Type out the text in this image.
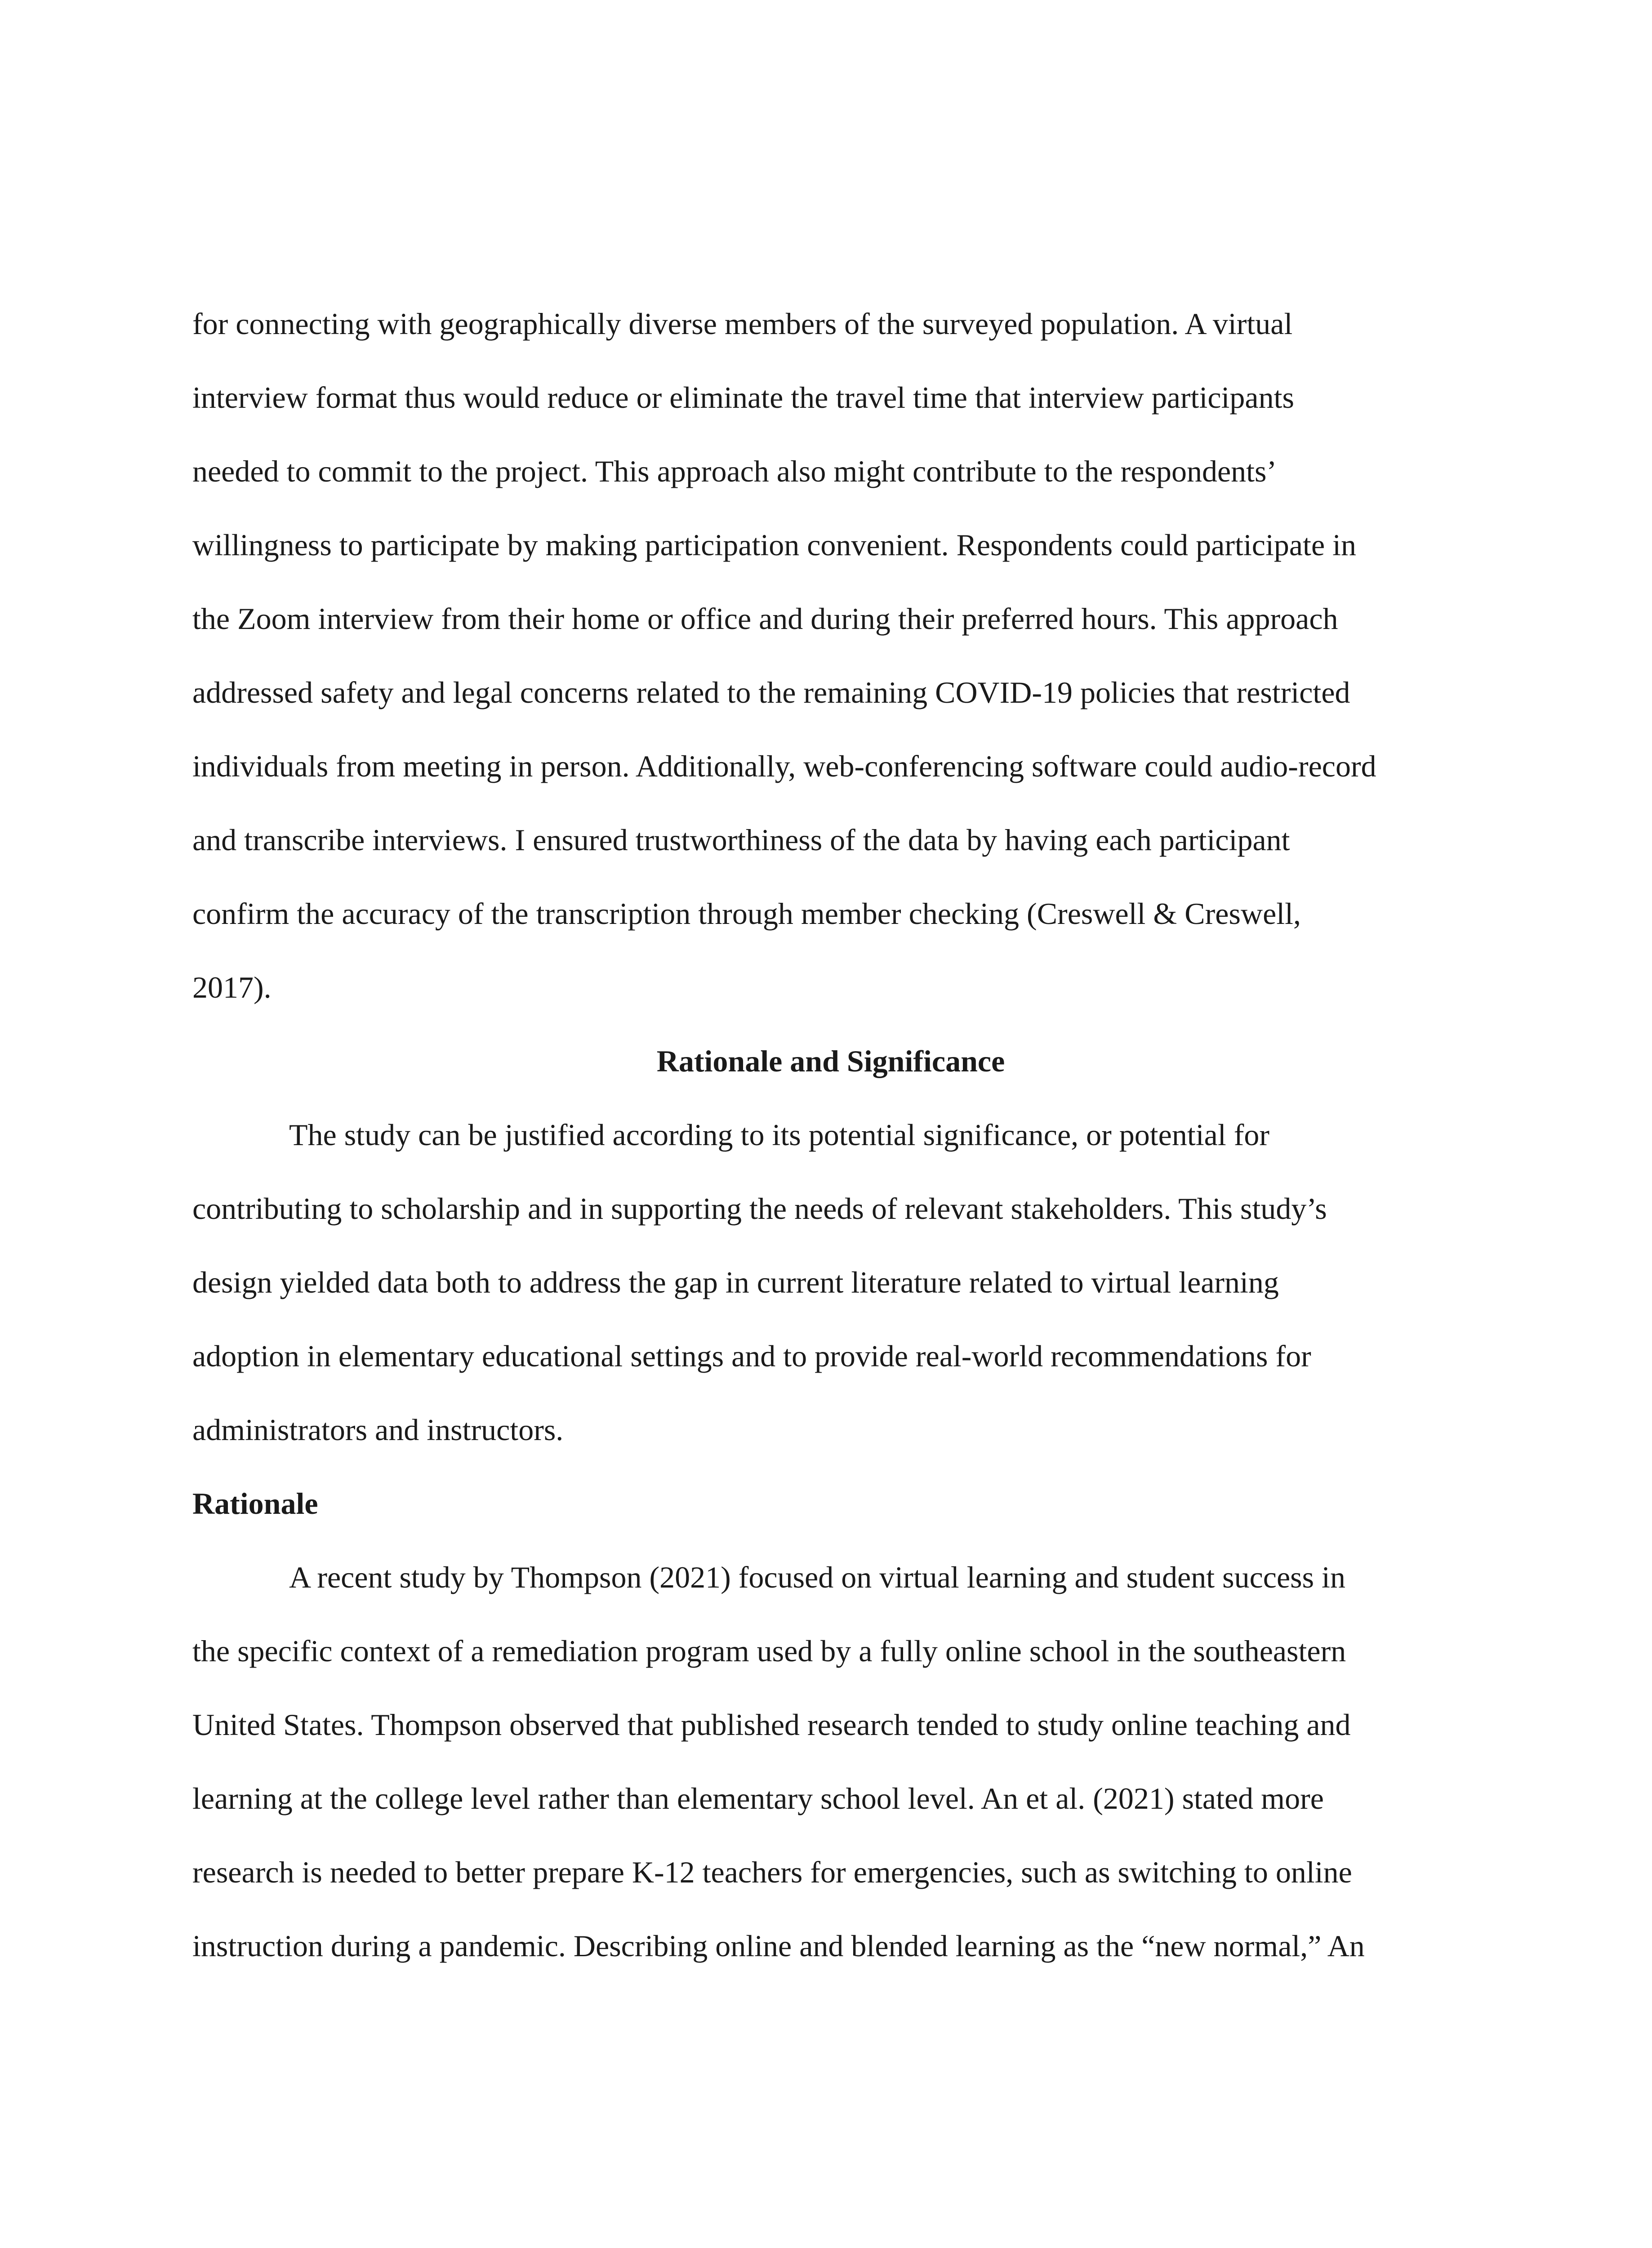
for connecting with geographically diverse members of the surveyed population. A virtual
interview format thus would reduce or eliminate the travel time that interview participants
needed to commit to the project. This approach also might contribute to the respondents’
willingness to participate by making participation convenient. Respondents could participate in
the Zoom interview from their home or office and during their preferred hours. This approach
addressed safety and legal concerns related to the remaining COVID-19 policies that restricted
individuals from meeting in person. Additionally, web-conferencing software could audio-record
and transcribe interviews. I ensured trustworthiness of the data by having each participant
confirm the accuracy of the transcription through member checking (Creswell & Creswell,
2017).
Rationale and Significance
The study can be justified according to its potential significance, or potential for
contributing to scholarship and in supporting the needs of relevant stakeholders. This study’s
design yielded data both to address the gap in current literature related to virtual learning
adoption in elementary educational settings and to provide real-world recommendations for
administrators and instructors.
Rationale
A recent study by Thompson (2021) focused on virtual learning and student success in
the specific context of a remediation program used by a fully online school in the southeastern
United States. Thompson observed that published research tended to study online teaching and
learning at the college level rather than elementary school level. An et al. (2021) stated more
research is needed to better prepare K-12 teachers for emergencies, such as switching to online
instruction during a pandemic. Describing online and blended learning as the “new normal,” An
